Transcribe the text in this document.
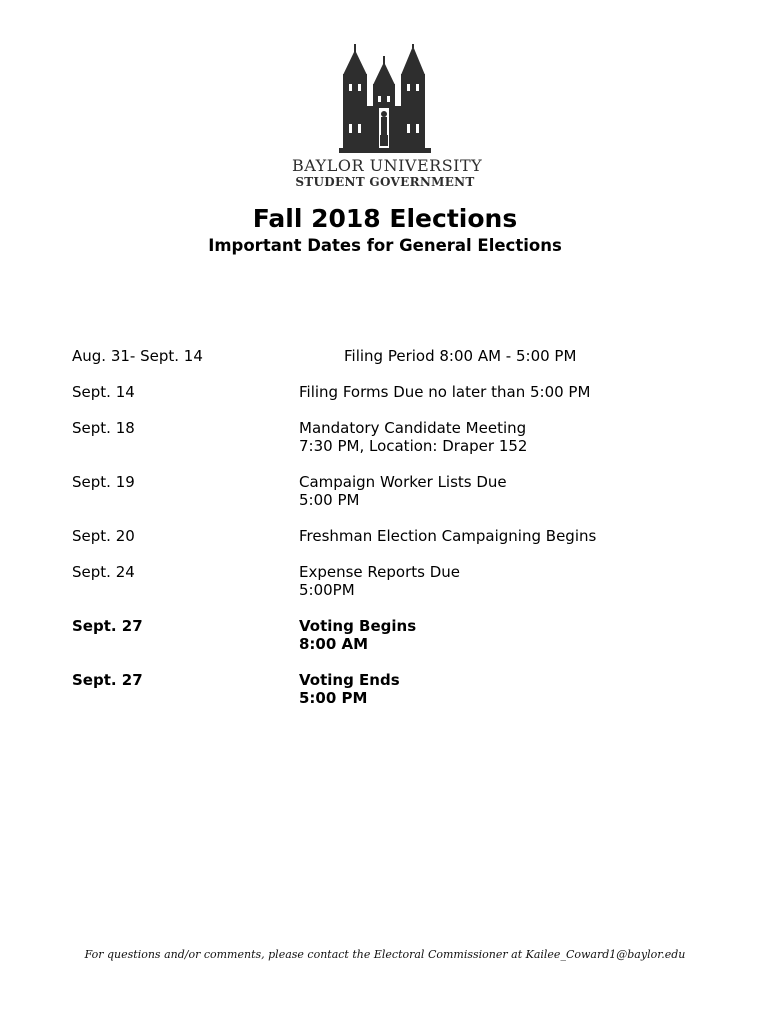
BAYLOR UNIVERSITY
STUDENT GOVERNMENT
Fall 2018 Elections
Important Dates for General Elections
Aug. 31- Sept. 14	Filing Period 8:00 AM - 5:00 PM
Sept. 14	Filing Forms Due no later than 5:00 PM
Sept. 18	Mandatory Candidate Meeting
7:30 PM, Location: Draper 152
Sept. 19	Campaign Worker Lists Due
5:00 PM
Sept. 20	Freshman Election Campaigning Begins
Sept. 24	Expense Reports Due
5:00PM
Sept. 27	Voting Begins
8:00 AM
Sept. 27	Voting Ends
5:00 PM
For questions and/or comments, please contact the Electoral Commissioner at Kailee_Coward1@baylor.edu
